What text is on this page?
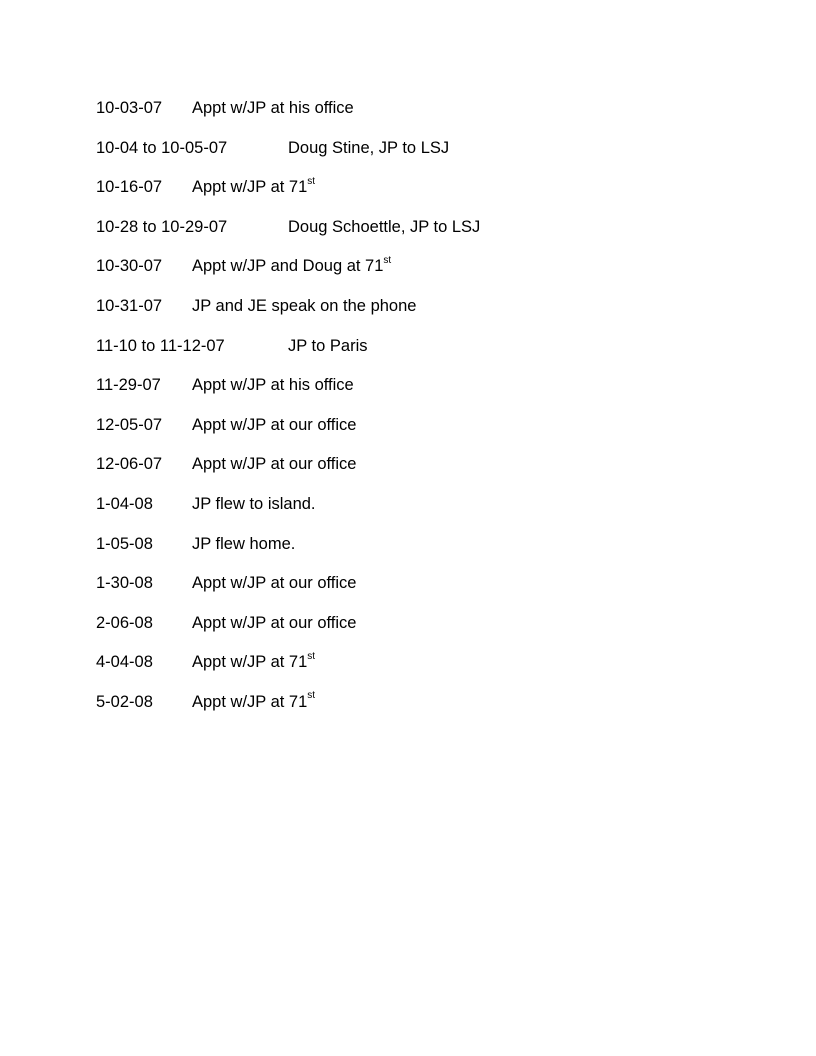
10-03-07 Appt w/JP at his office
10-04 to 10-05-07	Doug Stine, JP to LSJ
10-16-07 Appt w/JP at 71st
10-28 to 10-29-07	Doug Schoettle, JP to LSJ
10-30-07 Appt w/JP and Doug at 71st
10-31-07 JP and JE speak on the phone
11-10 to 11-12-07	JP to Paris
11-29-07 Appt w/JP at his office
12-05-07 Appt w/JP at our office
12-06-07 Appt w/JP at our office
1-04-08 JP flew to island.
1-05-08 JP flew home.
1-30-08 Appt w/JP at our office
2-06-08 Appt w/JP at our office
4-04-08 Appt w/JP at 71st
5-02-08 Appt w/JP at 71st
